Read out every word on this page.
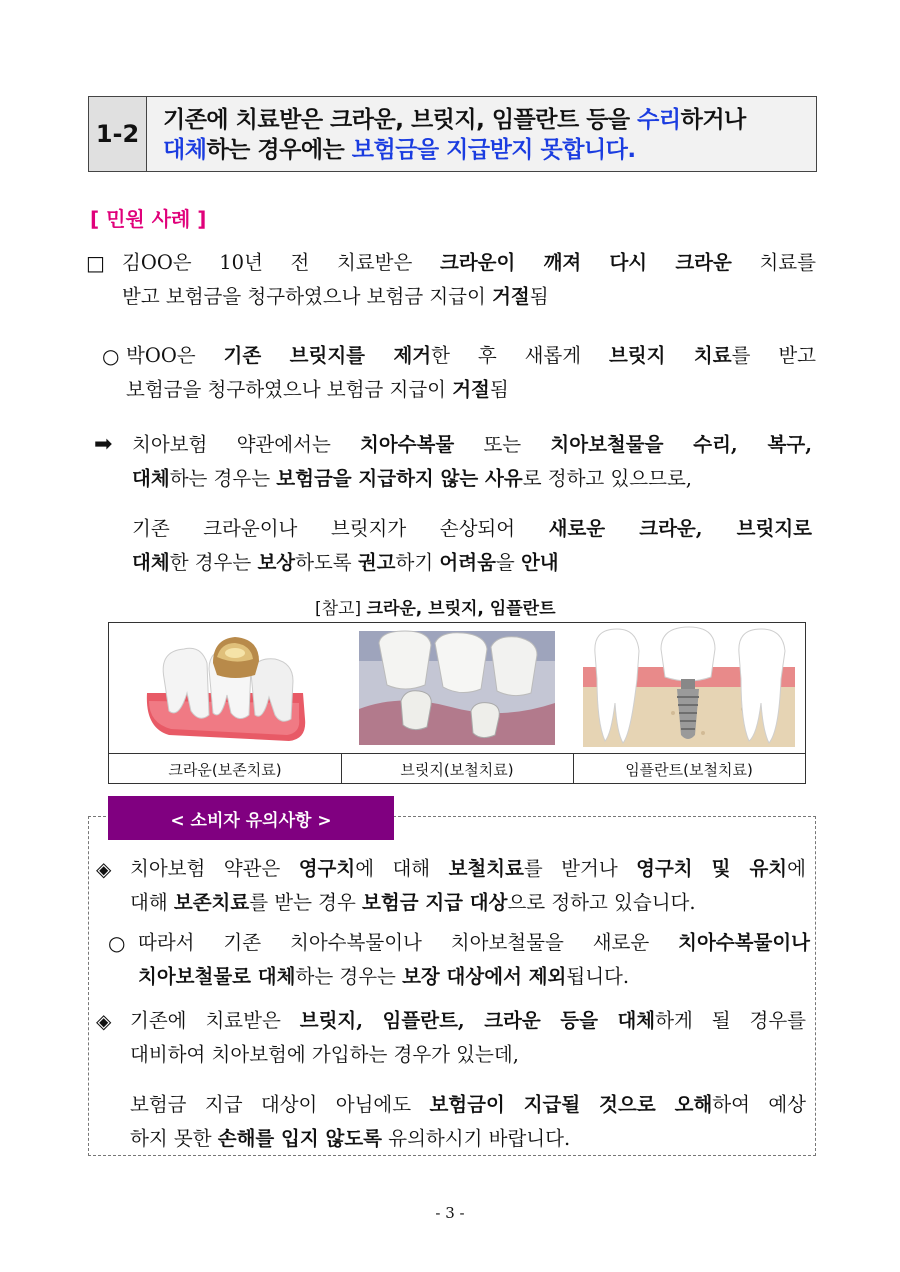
1-2	기존에 치료받은 크라운, 브릿지, 임플란트 등을 수리하거나
대체하는 경우에는 보험금을 지급받지 못합니다.
[ 민원 사례 ]
□ 김OO은 10년 전 치료받은 크라운이 깨져 다시 크라운 치료를
받고 보험금을 청구하였으나 보험금 지급이 거절됨
○ 박OO은 기존 브릿지를 제거한 후 새롭게 브릿지 치료를 받고
보험금을 청구하였으나 보험금 지급이 거절됨
➡	치아보험 약관에서는 치아수복물 또는 치아보철물을 수리, 복구,
대체하는 경우는 보험금을 지급하지 않는 사유로 정하고 있으므로,
기존 크라운이나 브릿지가 손상되어 새로운 크라운, 브릿지로
대체한 경우는 보상하도록 권고하기 어려움을 안내
[참고] 크라운, 브릿지, 임플란트
크라운(보존치료)	브릿지(보철치료)	임플란트(보철치료)
< 소비자 유의사항 >
◈ 치아보험 약관은 영구치에 대해 보철치료를 받거나 영구치 및 유치에
대해 보존치료를 받는 경우 보험금 지급 대상으로 정하고 있습니다.
○ 따라서 기존 치아수복물이나 치아보철물을 새로운 치아수복물이나
치아보철물로 대체하는 경우는 보장 대상에서 제외됩니다.
◈ 기존에 치료받은 브릿지, 임플란트, 크라운 등을 대체하게 될 경우를
대비하여 치아보험에 가입하는 경우가 있는데,
보험금 지급 대상이 아님에도 보험금이 지급될 것으로 오해하여 예상
하지 못한 손해를 입지 않도록 유의하시기 바랍니다.
- 3 -
